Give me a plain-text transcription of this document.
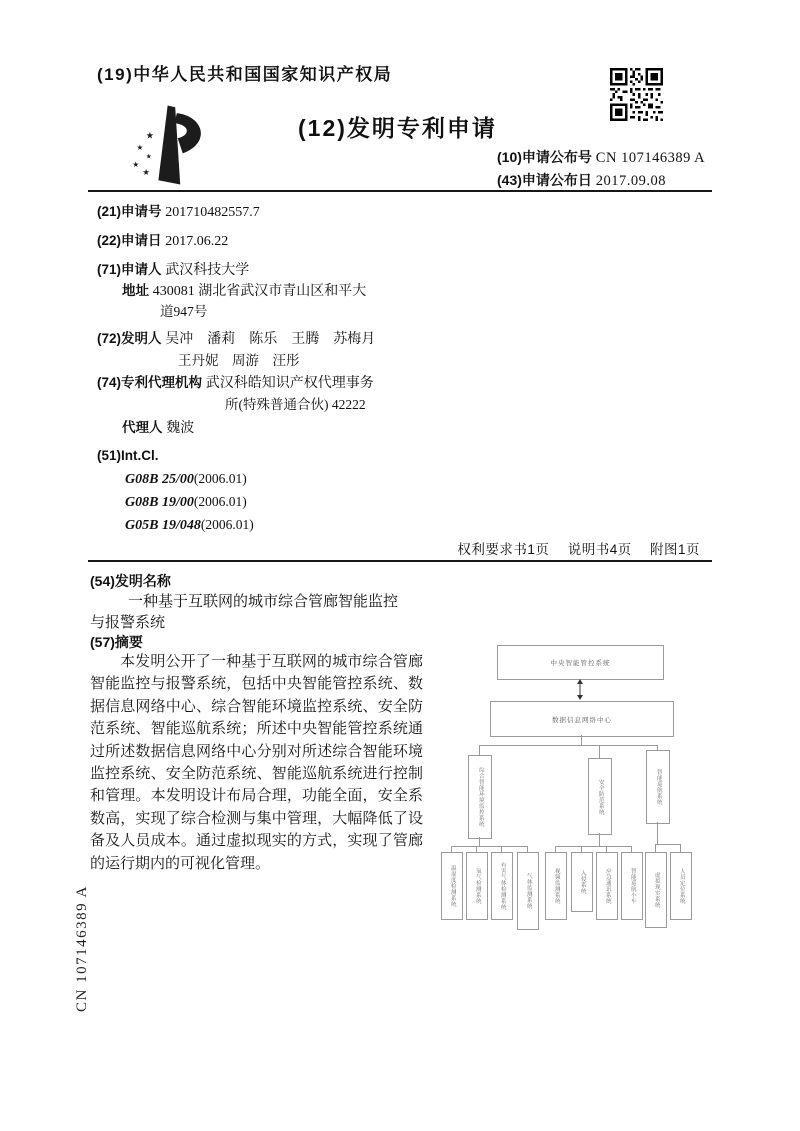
(19)中华人民共和国国家知识产权局
★
★
★
★
★
(12)发明专利申请
(10)申请公布号 CN 107146389 A
(43)申请公布日 2017.09.08
(21)申请号 201710482557.7
(22)申请日 2017.06.22
(71)申请人 武汉科技大学
地址 430081 湖北省武汉市青山区和平大
道947号
(72)发明人 吴冲　潘莉　陈乐　王腾　苏梅月
王丹妮　周游　汪彤
(74)专利代理机构 武汉科皓知识产权代理事务
所(特殊普通合伙) 42222
代理人 魏波
(51)Int.Cl.
G08B 25/00(2006.01)
G08B 19/00(2006.01)
G05B 19/048(2006.01)
权利要求书1页 说明书4页 附图1页
(54)发明名称
一种基于互联网的城市综合管廊智能监控
与报警系统
(57)摘要
本发明公开了一种基于互联网的城市综合管廊智能监控与报警系统，包括中央智能管控系统、数据信息网络中心、综合智能环境监控系统、安全防范系统、智能巡航系统；所述中央智能管控系统通过所述数据信息网络中心分别对所述综合智能环境监控系统、安全防范系统、智能巡航系统进行控制和管理。本发明设计布局合理，功能全面，安全系数高，实现了综合检测与集中管理，大幅降低了设备及人员成本。通过虚拟现实的方式，实现了管廊的运行期内的可视化管理。
中央智能管控系统
数据信息网络中心
综合智能环境监控系统	安全防范系统	智能巡航系统
温湿度检测系统	氧气检测系统	有害气体检测系统	气体监测系统	视频监测系统	入侵系统	应急通讯系统	智能巡航小车	虚拟现实系统	人员定位系统
CN 107146389 A
